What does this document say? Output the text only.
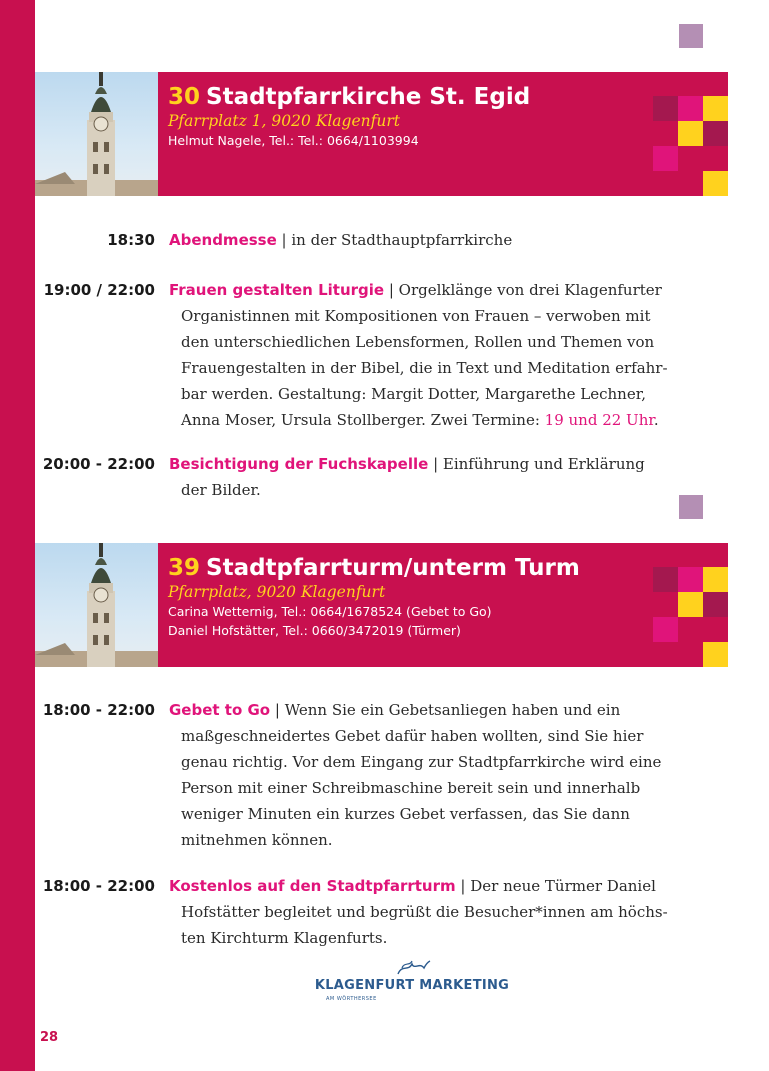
30 Stadtpfarrkirche St. Egid
Pfarrplatz 1, 9020 Klagenfurt
Helmut Nagele, Tel.: Tel.: 0664/1103994
18:30 Abendmesse | in der Stadthauptpfarrkirche
19:00 / 22:00 Frauen gestalten Liturgie | Orgelklänge von drei Klagenfurter
Organistinnen mit Kompositionen von Frauen – verwoben mit
den unterschiedlichen Lebensformen, Rollen und Themen von
Frauengestalten in der Bibel, die in Text und Meditation erfahr-
bar werden. Gestaltung: Margit Dotter, Margarethe Lechner,
Anna Moser, Ursula Stollberger. Zwei Termine: 19 und 22 Uhr.
20:00 - 22:00 Besichtigung der Fuchskapelle | Einführung und Erklärung
der Bilder.
39 Stadtpfarrturm/unterm Turm
Pfarrplatz, 9020 Klagenfurt
Carina Wetternig, Tel.: 0664/1678524 (Gebet to Go)
Daniel Hofstätter, Tel.: 0660/3472019 (Türmer)
18:00 - 22:00 Gebet to Go | Wenn Sie ein Gebetsanliegen haben und ein
maßgeschneidertes Gebet dafür haben wollten, sind Sie hier
genau richtig. Vor dem Eingang zur Stadtpfarrkirche wird eine
Person mit einer Schreibmaschine bereit sein und innerhalb
weniger Minuten ein kurzes Gebet verfassen, das Sie dann
mitnehmen können.
18:00 - 22:00 Kostenlos auf den Stadtpfarrturm | Der neue Türmer Daniel
Hofstätter begleitet und begrüßt die Besucher*innen am höchs-
ten Kirchturm Klagenfurts.
KLAGENFURT MARKETING
AM WÖRTHERSEE
28
